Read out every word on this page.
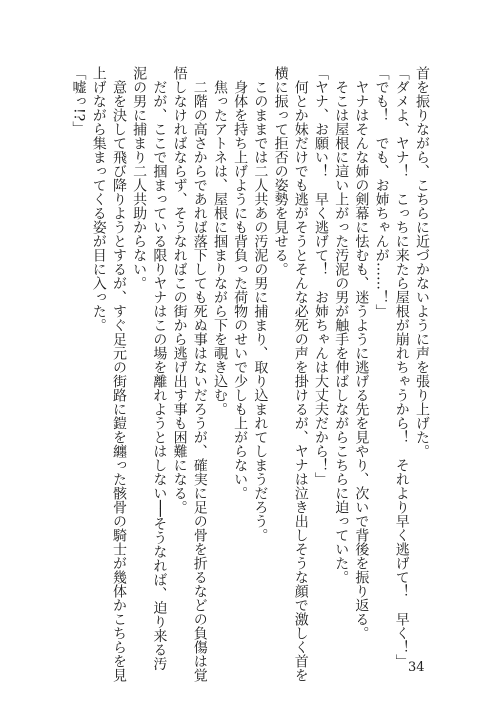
首を振りながら、こちらに近づかないように声を張り上げた。

「ダメよ、ヤナ！　こっちに来たら屋根が崩れちゃうから！　それより早く逃げて！　早く！」

「でも！　でも、お姉ちゃんが……！」

　ヤナはそんな姉の剣幕に怯むも、迷うように逃げる先を見やり、次いで背後を振り返る。

　そこは屋根に這い上がった汚泥の男が触手を伸ばしながらこちらに迫っていた。

「ヤナ、お願い！　早く逃げて！　お姉ちゃんは大丈夫だから！」

　何とか妹だけでも逃がそうとそんな必死の声を掛けるが、ヤナは泣き出しそうな顔で激しく首を

横に振って拒否の姿勢を見せる。

　このままでは二人共あの汚泥の男に捕まり、取り込まれてしまうだろう。

　身体を持ち上げようにも背負った荷物のせいで少しも上がらない。

　焦ったアトネは、屋根に掴まりながら下を覗き込む。

　二階の高さからであれば落下しても死ぬ事はないだろうが、確実に足の骨を折るなどの負傷は覚

悟しなければならず、そうなればこの街から逃げ出す事も困難になる。

　だが、ここで掴まっている限りヤナはこの場を離れようとはしない──そうなれば、迫り来る汚

泥の男に捕まり二人共助からない。

　意を決して飛び降りようとするが、すぐ足元の街路に鎧を纏った骸骨の騎士が幾体かこちらを見

上げながら集まってくる姿が目に入った。

「嘘っ!?」

34
